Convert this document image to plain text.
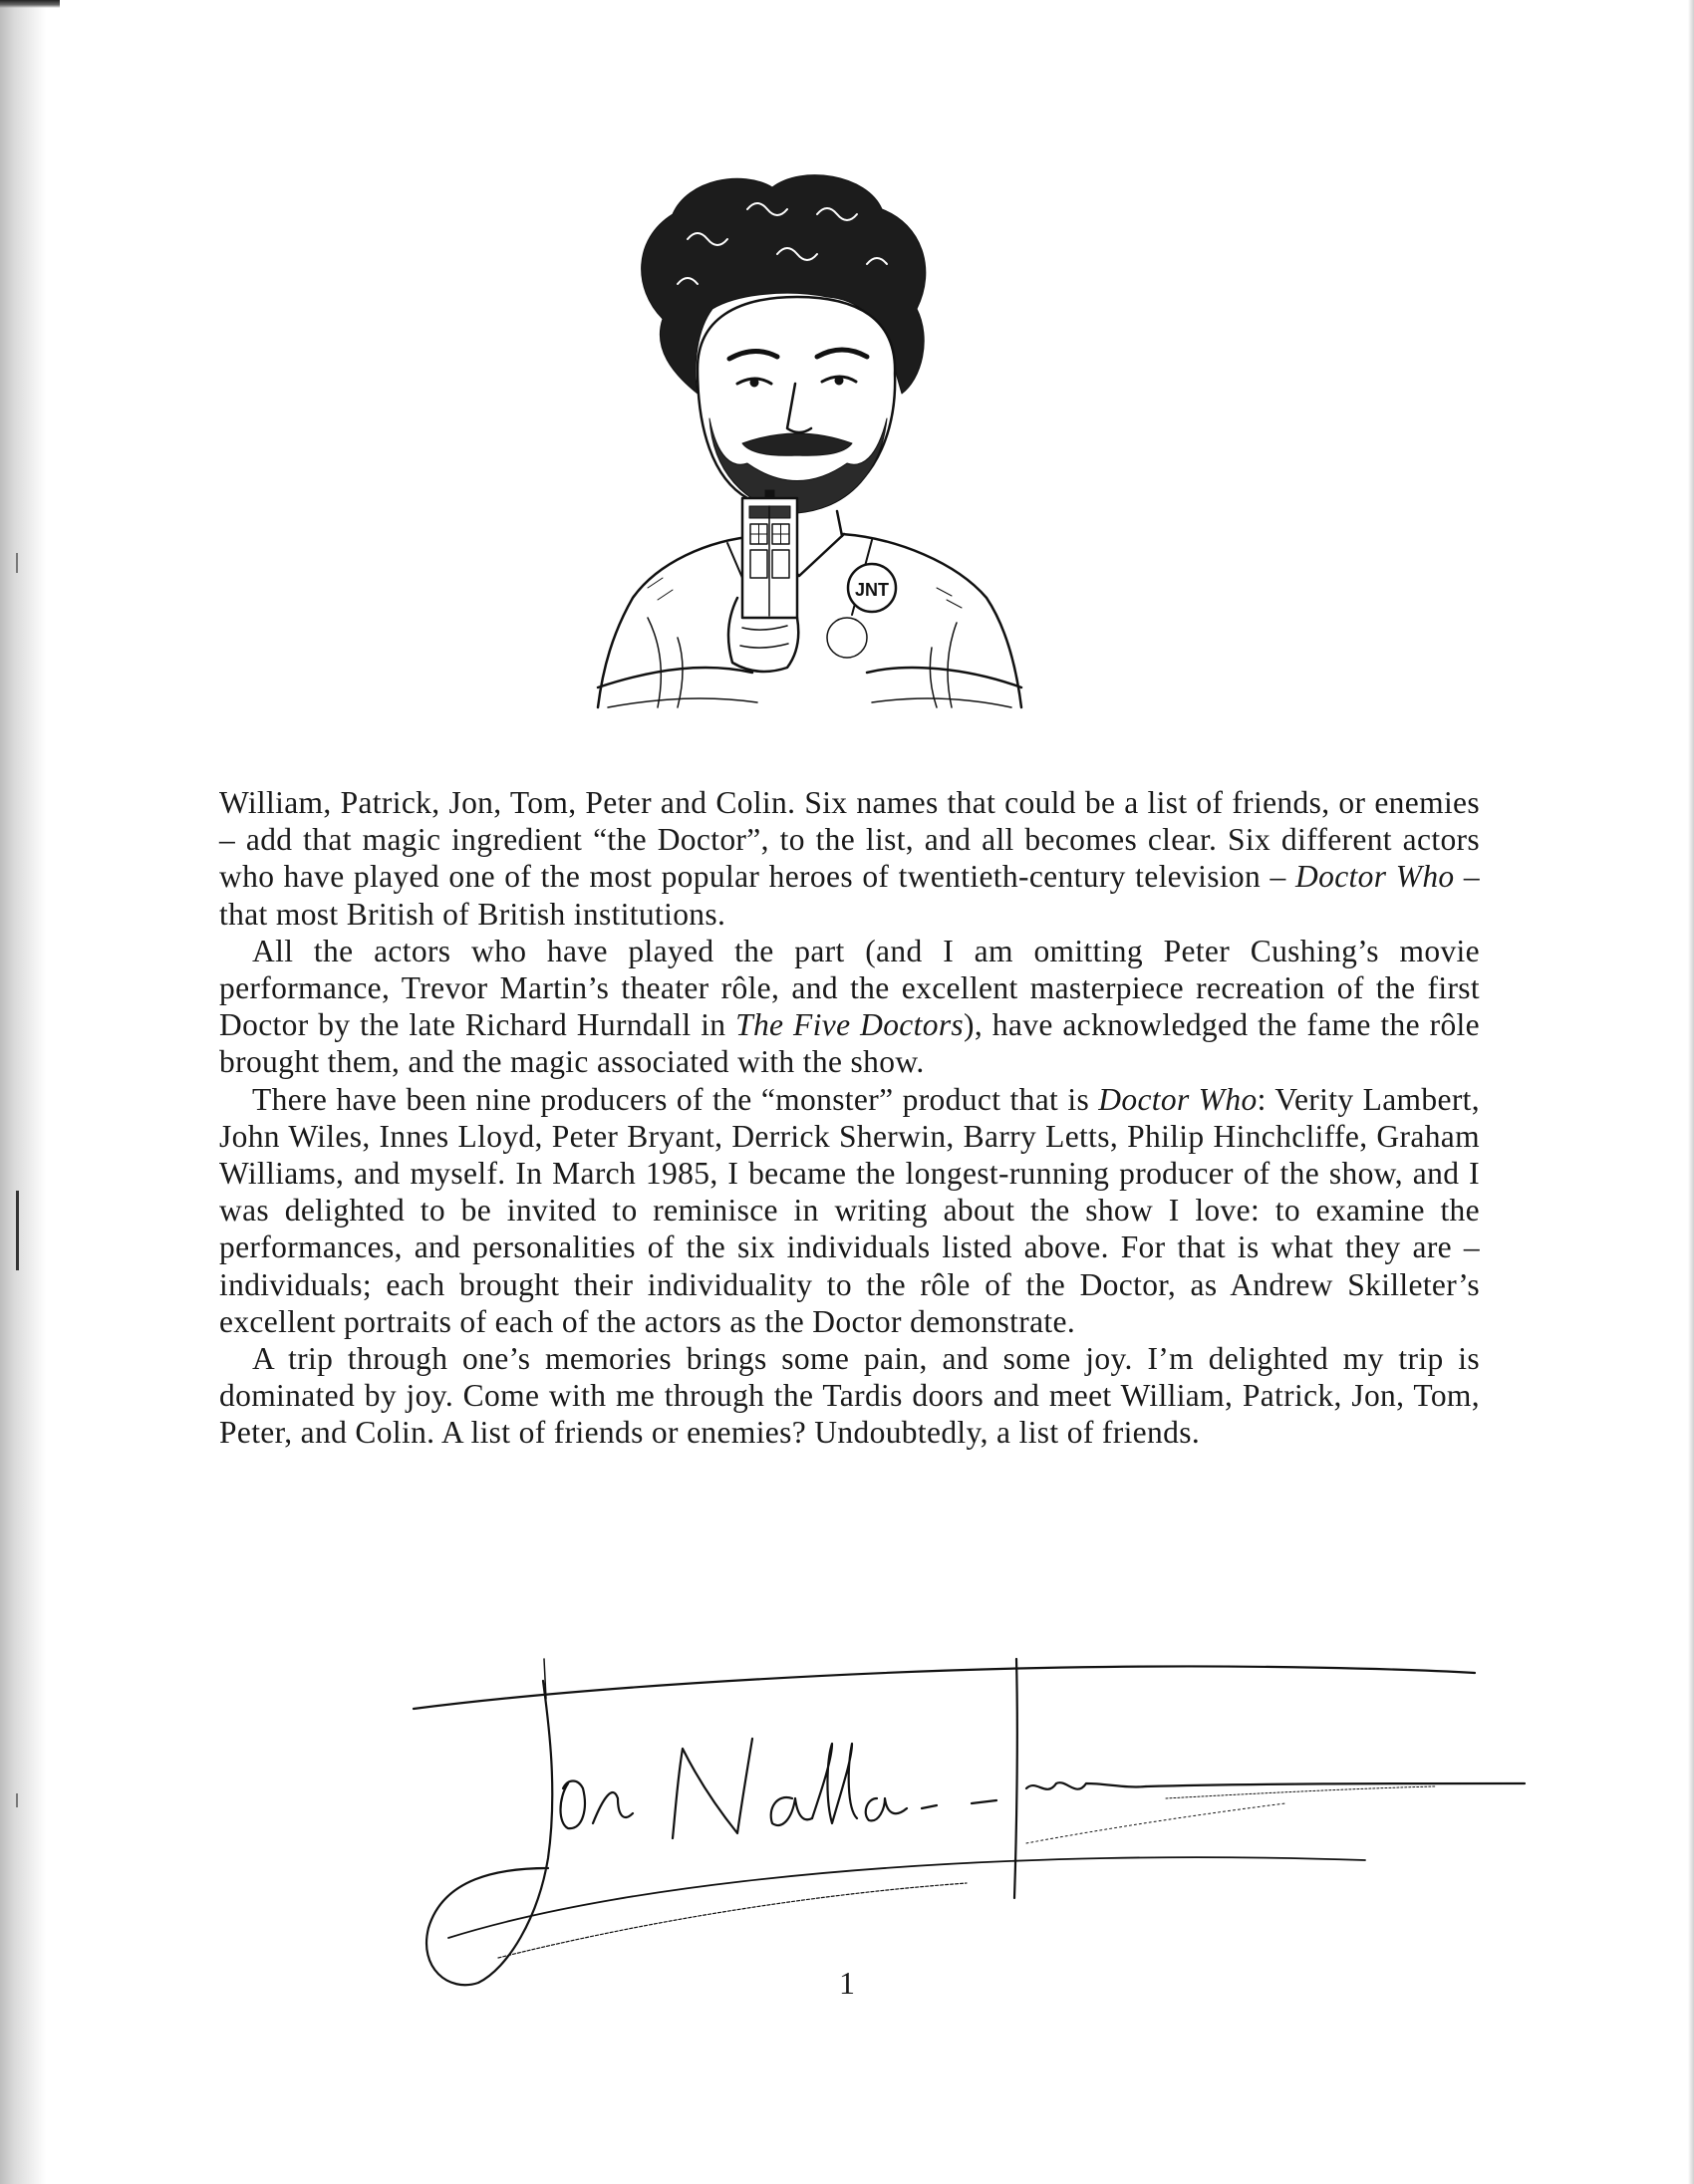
JNT

William, Patrick, Jon, Tom, Peter and Colin. Six names that could be a list of friends, or enemies – add that magic ingredient “the Doctor”, to the list, and all becomes clear. Six different actors who have played one of the most popular heroes of twentieth-century television – Doctor Who – that most British of British institutions.

All the actors who have played the part (and I am omitting Peter Cushing’s movie performance, Trevor Martin’s theater rôle, and the excellent masterpiece recreation of the first Doctor by the late Richard Hurndall in The Five Doctors), have acknowledged the fame the rôle brought them, and the magic associated with the show.

There have been nine producers of the “monster” product that is Doctor Who: Verity Lambert, John Wiles, Innes Lloyd, Peter Bryant, Derrick Sherwin, Barry Letts, Philip Hinchcliffe, Graham Williams, and myself. In March 1985, I became the longest-running producer of the show, and I was delighted to be invited to reminisce in writing about the show I love: to examine the performances, and personalities of the six individuals listed above. For that is what they are – individuals; each brought their individuality to the rôle of the Doctor, as Andrew Skilleter’s excellent portraits of each of the actors as the Doctor demonstrate.

A trip through one’s memories brings some pain, and some joy. I’m delighted my trip is dominated by joy. Come with me through the Tardis doors and meet William, Patrick, Jon, Tom, Peter, and Colin. A list of friends or enemies? Undoubtedly, a list of friends.

1
